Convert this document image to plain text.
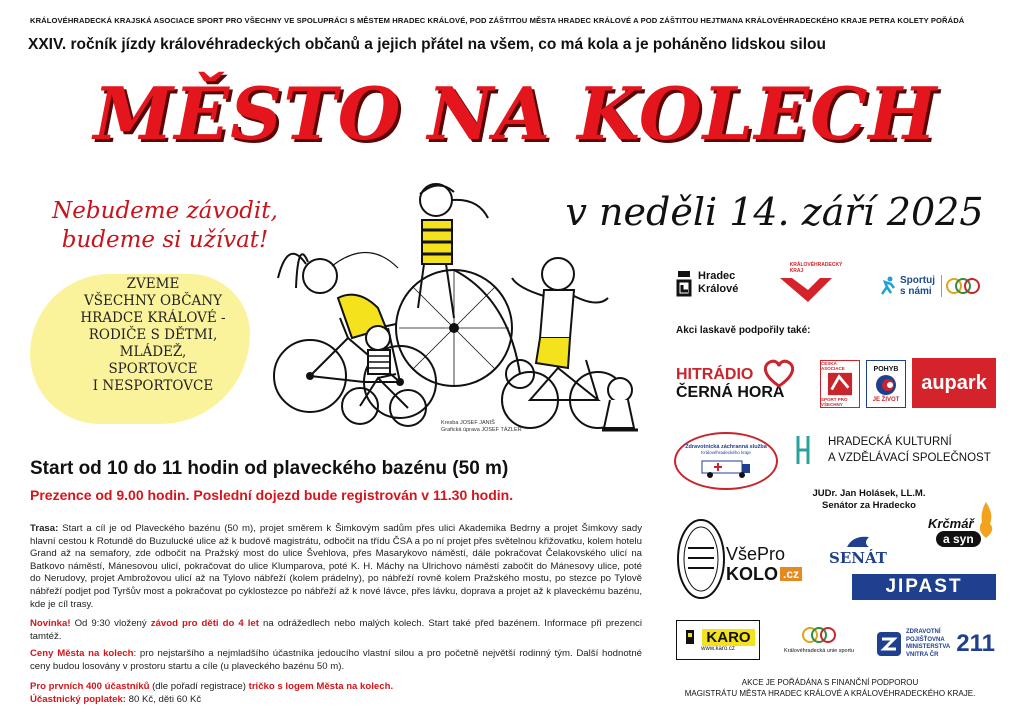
KRÁLOVÉHRADECKÁ KRAJSKÁ ASOCIACE SPORT PRO VŠECHNY VE SPOLUPRÁCI S MĚSTEM HRADEC KRÁLOVÉ, POD ZÁŠTITOU MĚSTA HRADEC KRÁLOVÉ A POD ZÁŠTITOU HEJTMANA KRÁLOVÉHRADECKÉHO KRAJE PETRA KOLETY POŘÁDÁ
XXIV. ročník jízdy královéhradeckých občanů a jejich přátel na všem, co má kola a je poháněno lidskou silou
MĚSTO NA KOLECH
Nebudeme závodit,
budeme si užívat!
ZVEME
VŠECHNY OBČANY
HRADCE KRÁLOVÉ -
RODIČE S DĚTMI,
MLÁDEŽ,
SPORTOVCE
I NESPORTOVCE
Kresba JOSEF JANIŠ
Grafická úprava JOSEF TÁZLER
v neděli 14. září 2025
Start od 10 do 11 hodin od plaveckého bazénu (50 m)
Prezence od 9.00 hodin. Poslední dojezd bude registrován v 11.30 hodin.
Trasa: Start a cíl je od Plaveckého bazénu (50 m), projet směrem k Šimkovým sadům přes ulici Akademika Bedrny a projet Šimkovy sady hlavní cestou k Rotundě do Buzulucké ulice až k budově magistrátu, odbočit na třídu ČSA a po ní projet přes světelnou křižovatku, kolem hotelu Grand až na semafory, zde odbočit na Pražský most do ulice Švehlova, přes Masarykovo náměstí, dále pokračovat Čelakovského ulicí na Batkovo náměstí, Mánesovou ulicí, pokračovat do ulice Klumparova, poté K. H. Máchy na Ulrichovo náměstí zabočit do Mánesovy ulice, poté do Nerudovy, projet Ambrožovou ulicí až na Tylovo nábřeží (kolem prádelny), po nábřeží rovně kolem Pražského mostu, po stezce po Tylově nábřeží podjet pod Tyršův most a pokračovat po cyklostezce po nábřeží až k nové lávce, přes lávku, doprava a projet až k plaveckému bazénu, kde je cíl trasy.
Novinka! Od 9:30 vložený závod pro děti do 4 let na odrážedlech nebo malých kolech. Start také před bazénem. Informace při prezenci tamtéž.
Ceny Města na kolech: pro nejstaršího a nejmladšího účastníka jedoucího vlastní silou a pro početně největší rodinný tým. Další hodnotné ceny budou losovány v prostoru startu a cíle (u plaveckého bazénu 50 m).
Pro prvních 400 účastníků (dle pořadí registrace) tričko s logem Města na kolech.
Účastnický poplatek: 80 Kč, děti 60 Kč
Hradec
Králové
KRÁLOVÉHRADECKÝ KRAJ
Sportuj
s námi
Akci laskavě podpořily také:
HITRÁDIO
ČERNÁ HORA
ČESKÁ ASOCIACE
SPORT PRO VŠECHNY
POHYB
JE ŽIVOT
aupark
Zdravotnická záchranná služba
Královéhradeckého kraje
HRADECKÁ KULTURNÍ
A VZDĚLÁVACÍ SPOLEČNOST
JUDr. Jan Holásek, LL.M.
Senátor za Hradecko
VšePro
KOLO .cz
SENÁT
Krčmář
a syn
JIPAST
KARO
www.karo.cz	Královéhradecká unie sportu
ZDRAVOTNÍ
POJIŠŤOVNA
MINISTERSTVA
VNITRA ČR 211
AKCE JE POŘÁDÁNA S FINANČNÍ PODPOROU
MAGISTRÁTU MĚSTA HRADEC KRÁLOVÉ A KRÁLOVÉHRADECKÉHO KRAJE.
